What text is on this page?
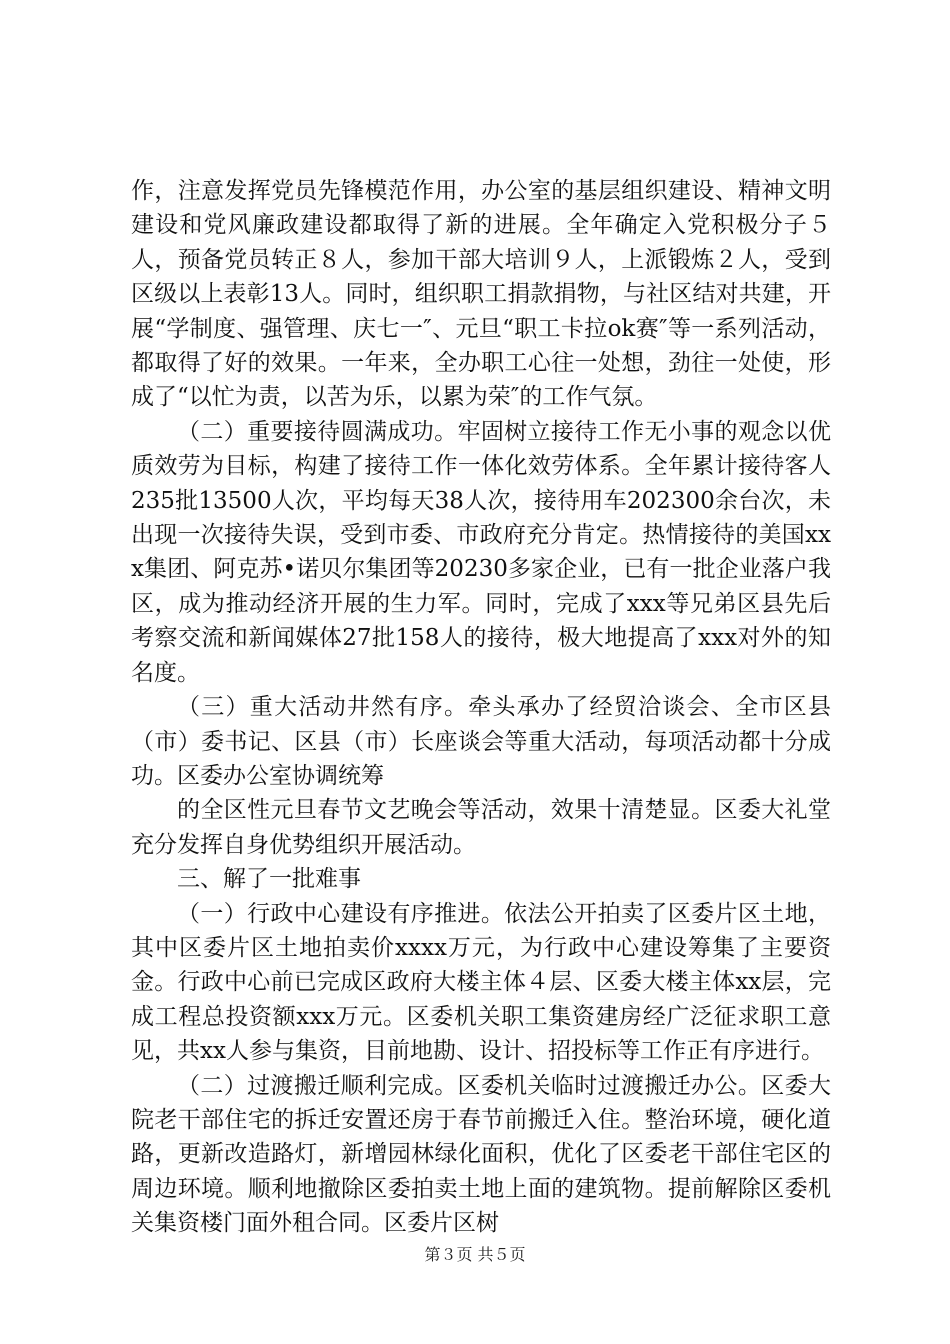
作，注意发挥党员先锋模范作用，办公室的基层组织建设、精神文明建设和党风廉政建设都取得了新的进展。全年确定入党积极分子５人，预备党员转正８人，参加干部大培训９人，上派锻炼２人，受到区级以上表彰13人。同时，组织职工捐款捐物，与社区结对共建，开展“学制度、强管理、庆七一″、元旦“职工卡拉ok赛″等一系列活动，都取得了好的效果。一年来，全办职工心往一处想，劲往一处使，形成了“以忙为责，以苦为乐，以累为荣″的工作气氛。

（二）重要接待圆满成功。牢固树立接待工作无小事的观念以优质效劳为目标，构建了接待工作一体化效劳体系。全年累计接待客人235批13500人次，平均每天38人次，接待用车202300余台次，未出现一次接待失误，受到市委、市政府充分肯定。热情接待的美国xxx集团、阿克苏•诺贝尔集团等20230多家企业，已有一批企业落户我区，成为推动经济开展的生力军。同时，完成了xxx等兄弟区县先后考察交流和新闻媒体27批158人的接待，极大地提高了xxx对外的知名度。

（三）重大活动井然有序。牵头承办了经贸洽谈会、全市区县（市）委书记、区县（市）长座谈会等重大活动，每项活动都十分成功。区委办公室协调统筹

的全区性元旦春节文艺晚会等活动，效果十清楚显。区委大礼堂充分发挥自身优势组织开展活动。

三、解了一批难事

（一）行政中心建设有序推进。依法公开拍卖了区委片区土地，其中区委片区土地拍卖价xxxx万元，为行政中心建设筹集了主要资金。行政中心前已完成区政府大楼主体４层、区委大楼主体xx层，完成工程总投资额xxx万元。区委机关职工集资建房经广泛征求职工意见，共xx人参与集资，目前地勘、设计、招投标等工作正有序进行。

（二）过渡搬迁顺利完成。区委机关临时过渡搬迁办公。区委大院老干部住宅的拆迁安置还房于春节前搬迁入住。整治环境，硬化道路，更新改造路灯，新增园林绿化面积，优化了区委老干部住宅区的周边环境。顺利地撤除区委拍卖土地上面的建筑物。提前解除区委机关集资楼门面外租合同。区委片区树

第３页 共５页
